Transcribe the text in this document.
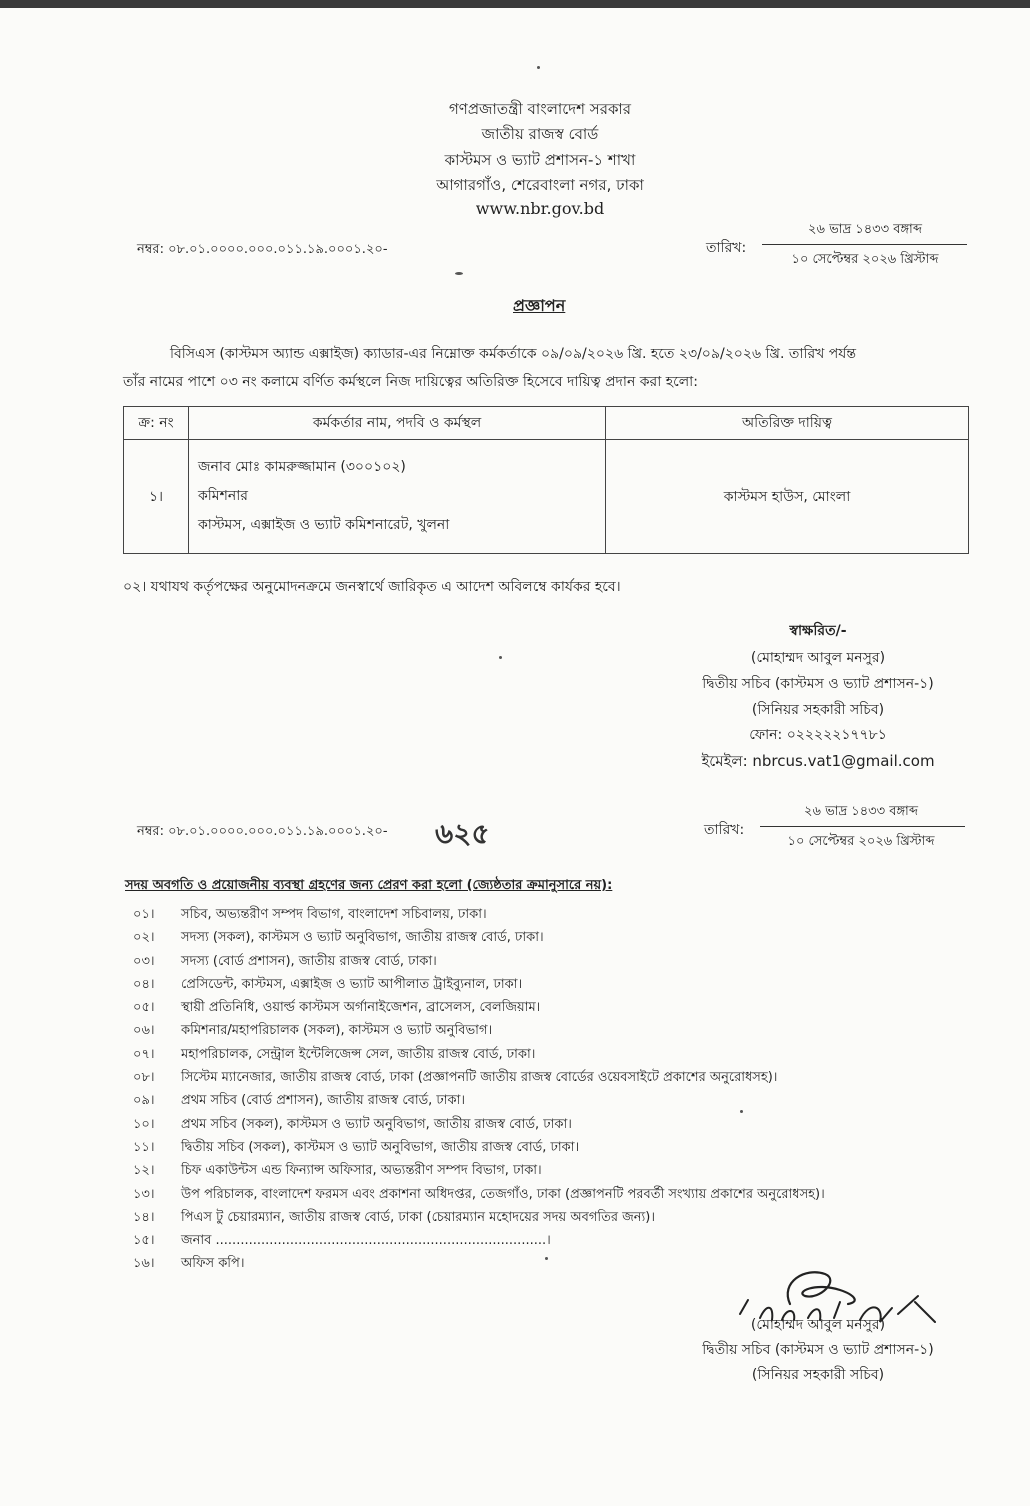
গণপ্রজাতন্ত্রী বাংলাদেশ সরকার
জাতীয় রাজস্ব বোর্ড
কাস্টমস ও ভ্যাট প্রশাসন-১ শাখা
আগারগাঁও, শেরেবাংলা নগর, ঢাকা
www.nbr.gov.bd
নম্বর: ০৮.০১.০০০০.০০০.০১১.১৯.০০০১.২০-	তারিখ:
২৬ ভাদ্র ১৪৩৩ বঙ্গাব্দ
১০ সেপ্টেম্বর ২০২৬ খ্রিস্টাব্দ
প্রজ্ঞাপন
বিসিএস (কাস্টমস অ্যান্ড এক্সাইজ) ক্যাডার-এর নিম্নোক্ত কর্মকর্তাকে ০৯/০৯/২০২৬ খ্রি. হতে ২৩/০৯/২০২৬ খ্রি. তারিখ পর্যন্ত
তাঁর নামের পাশে ০৩ নং কলামে বর্ণিত কর্মস্থলে নিজ দায়িত্বের অতিরিক্ত হিসেবে দায়িত্ব প্রদান করা হলো:
ক্র: নং	কর্মকর্তার নাম, পদবি ও কর্মস্থল	অতিরিক্ত দায়িত্ব
১।	জনাব মোঃ কামরুজ্জামান (৩০০১০২)
কমিশনার
কাস্টমস, এক্সাইজ ও ভ্যাট কমিশনারেট, খুলনা	কাস্টমস হাউস, মোংলা
০২। যথাযথ কর্তৃপক্ষের অনুমোদনক্রমে জনস্বার্থে জারিকৃত এ আদেশ অবিলম্বে কার্যকর হবে।
স্বাক্ষরিত/-
(মোহাম্মদ আবুল মনসুর)
দ্বিতীয় সচিব (কাস্টমস ও ভ্যাট প্রশাসন-১)
(সিনিয়র সহকারী সচিব)
ফোন: ০২২২২২১৭৭৮১
ইমেইল: nbrcus.vat1@gmail.com
নম্বর: ০৮.০১.০০০০.০০০.০১১.১৯.০০০১.২০- ৬২৫	তারিখ:
২৬ ভাদ্র ১৪৩৩ বঙ্গাব্দ
১০ সেপ্টেম্বর ২০২৬ খ্রিস্টাব্দ
সদয় অবগতি ও প্রয়োজনীয় ব্যবস্থা গ্রহণের জন্য প্রেরণ করা হলো (জ্যেষ্ঠতার ক্রমানুসারে নয়):
০১।	সচিব, অভ্যন্তরীণ সম্পদ বিভাগ, বাংলাদেশ সচিবালয়, ঢাকা।
০২।	সদস্য (সকল), কাস্টমস ও ভ্যাট অনুবিভাগ, জাতীয় রাজস্ব বোর্ড, ঢাকা।
০৩।	সদস্য (বোর্ড প্রশাসন), জাতীয় রাজস্ব বোর্ড, ঢাকা।
০৪।	প্রেসিডেন্ট, কাস্টমস, এক্সাইজ ও ভ্যাট আপীলাত ট্রাইব্যুনাল, ঢাকা।
০৫।	স্থায়ী প্রতিনিধি, ওয়ার্ল্ড কাস্টমস অর্গানাইজেশন, ব্রাসেলস, বেলজিয়াম।
০৬।	কমিশনার/মহাপরিচালক (সকল), কাস্টমস ও ভ্যাট অনুবিভাগ।
০৭।	মহাপরিচালক, সেন্ট্রাল ইন্টেলিজেন্স সেল, জাতীয় রাজস্ব বোর্ড, ঢাকা।
০৮।	সিস্টেম ম্যানেজার, জাতীয় রাজস্ব বোর্ড, ঢাকা (প্রজ্ঞাপনটি জাতীয় রাজস্ব বোর্ডের ওয়েবসাইটে প্রকাশের অনুরোধসহ)।
০৯।	প্রথম সচিব (বোর্ড প্রশাসন), জাতীয় রাজস্ব বোর্ড, ঢাকা।
১০।	প্রথম সচিব (সকল), কাস্টমস ও ভ্যাট অনুবিভাগ, জাতীয় রাজস্ব বোর্ড, ঢাকা।
১১।	দ্বিতীয় সচিব (সকল), কাস্টমস ও ভ্যাট অনুবিভাগ, জাতীয় রাজস্ব বোর্ড, ঢাকা।
১২।	চিফ একাউন্টস এন্ড ফিন্যান্স অফিসার, অভ্যন্তরীণ সম্পদ বিভাগ, ঢাকা।
১৩।	উপ পরিচালক, বাংলাদেশ ফরমস এবং প্রকাশনা অধিদপ্তর, তেজগাঁও, ঢাকা (প্রজ্ঞাপনটি পরবর্তী সংখ্যায় প্রকাশের অনুরোধসহ)।
১৪।	পিএস টু চেয়ারম্যান, জাতীয় রাজস্ব বোর্ড, ঢাকা (চেয়ারম্যান মহোদয়ের সদয় অবগতির জন্য)।
১৫।	জনাব ................................................................................।
১৬।	অফিস কপি।
(মোহাম্মদ আবুল মনসুর)
দ্বিতীয় সচিব (কাস্টমস ও ভ্যাট প্রশাসন-১)
(সিনিয়র সহকারী সচিব)
